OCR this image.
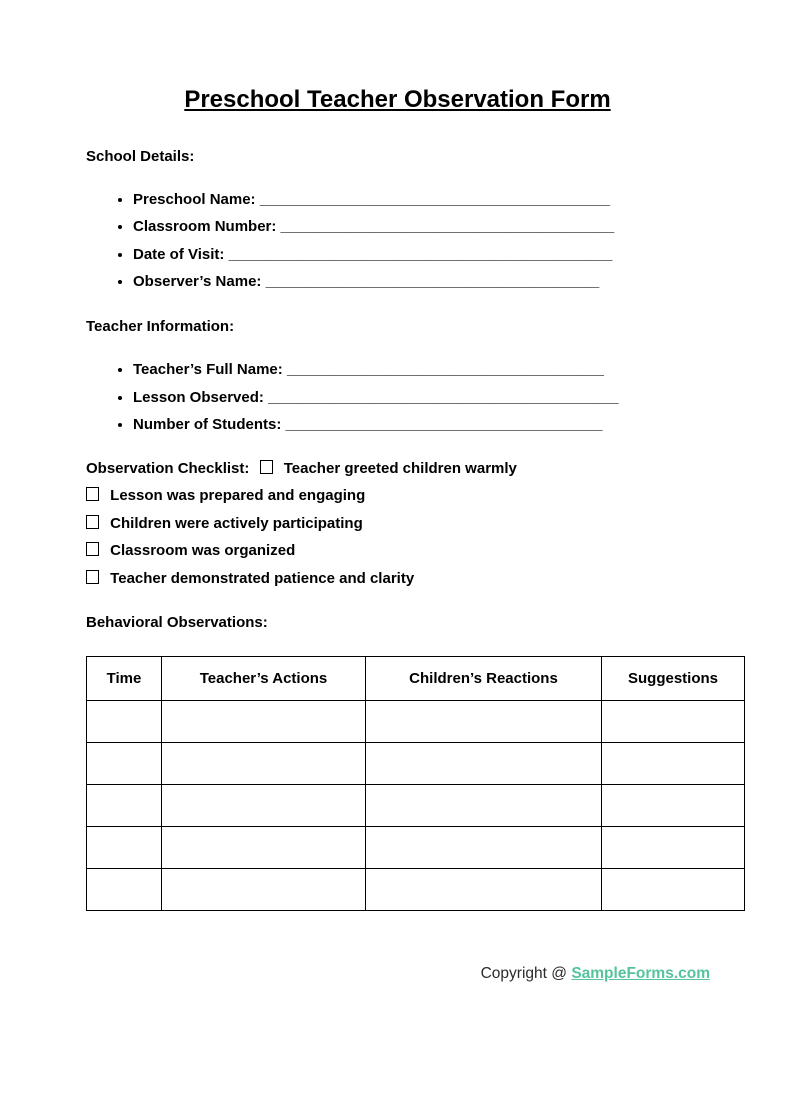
Preschool Teacher Observation Form
School Details:
• Preschool Name: __________________________________________
• Classroom Number: ________________________________________
• Date of Visit: ______________________________________________
• Observer’s Name: ________________________________________
Teacher Information:
• Teacher’s Full Name: ______________________________________
• Lesson Observed: __________________________________________
• Number of Students: ______________________________________

Observation Checklist: Teacher greeted children warmly

Lesson was prepared and engaging

Children were actively participating

Classroom was organized

Teacher demonstrated patience and clarity

Behavioral Observations:
Time	Teacher’s Actions	Children’s Reactions	Suggestions

Copyright @ SampleForms.com
